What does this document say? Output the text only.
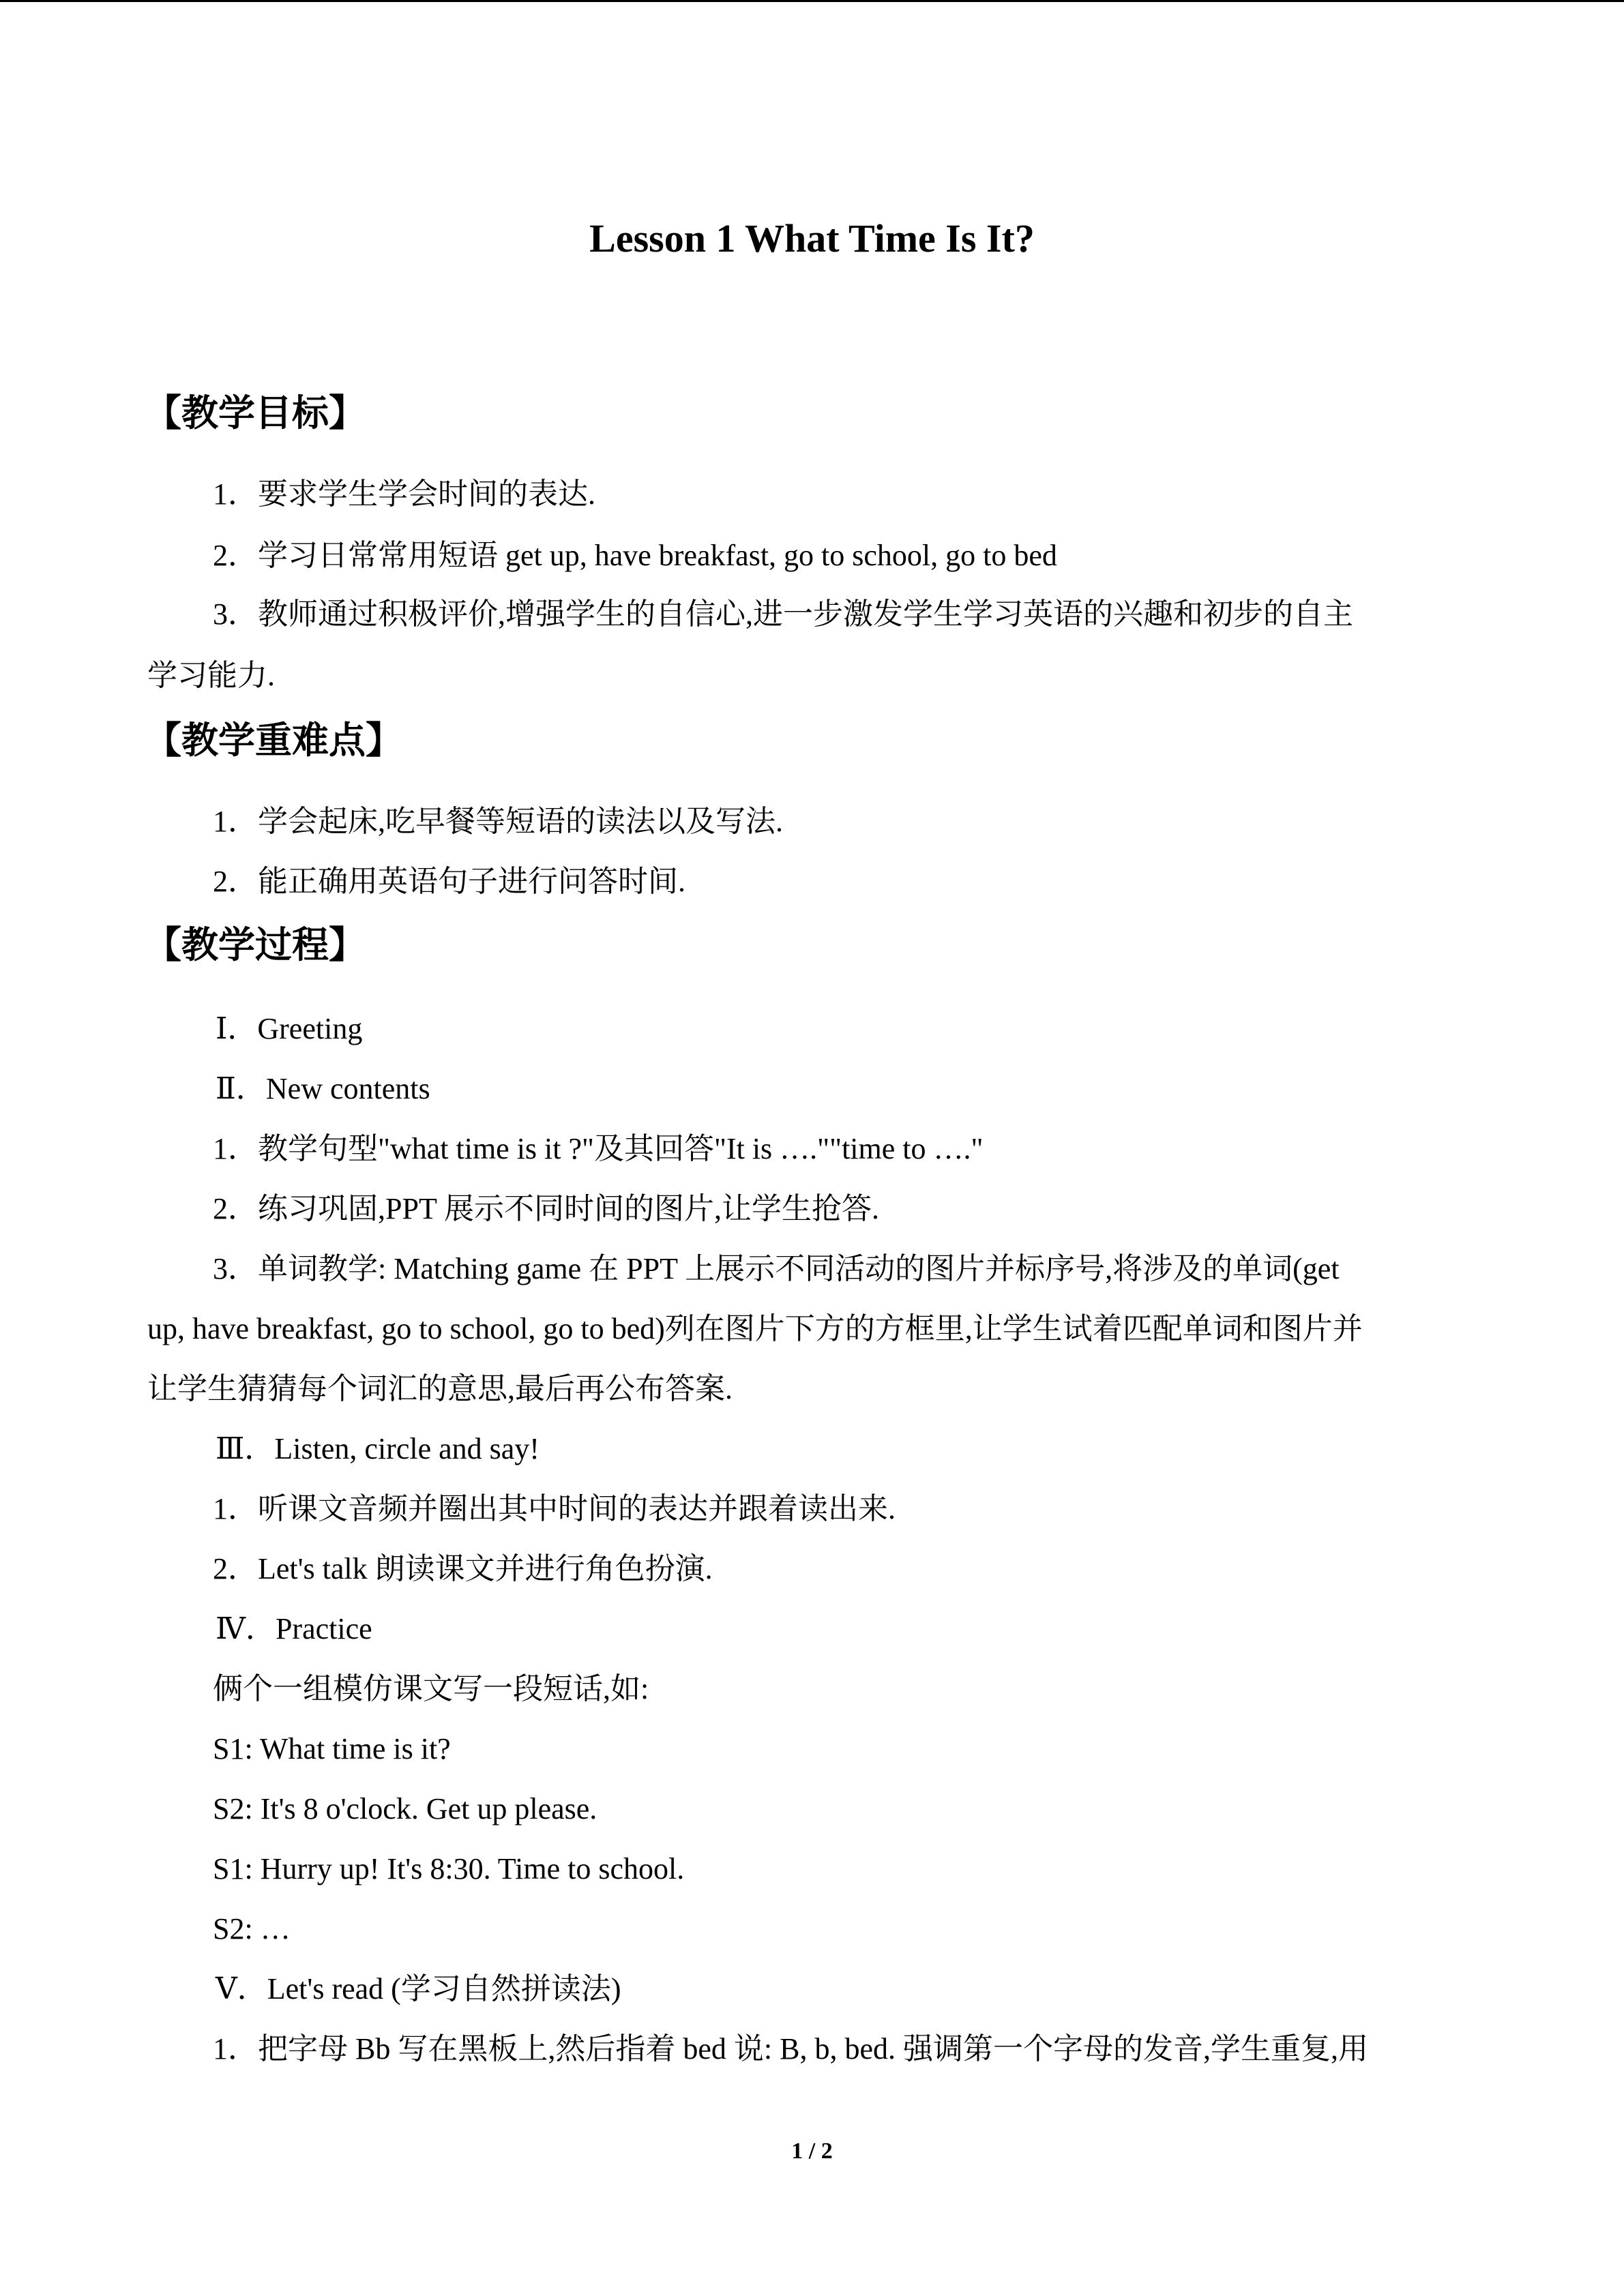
Lesson 1 What Time Is It?
【教学目标】
1．要求学生学会时间的表达.
2．学习日常常用短语 get up, have breakfast, go to school, go to bed
3．教师通过积极评价,增强学生的自信心,进一步激发学生学习英语的兴趣和初步的自主
学习能力.
【教学重难点】
1．学会起床,吃早餐等短语的读法以及写法.
2．能正确用英语句子进行问答时间.
【教学过程】
Ⅰ．Greeting
Ⅱ．New contents
1．教学句型"what time is it ?"及其回答"It is ….""time to …."
2．练习巩固,PPT 展示不同时间的图片,让学生抢答.
3．单词教学: Matching game 在 PPT 上展示不同活动的图片并标序号,将涉及的单词(get
up, have breakfast, go to school, go to bed)列在图片下方的方框里,让学生试着匹配单词和图片并
让学生猜猜每个词汇的意思,最后再公布答案.
Ⅲ．Listen, circle and say!
1．听课文音频并圈出其中时间的表达并跟着读出来.
2．Let's talk 朗读课文并进行角色扮演.
Ⅳ．Practice
俩个一组模仿课文写一段短话,如:
S1: What time is it?
S2: It's 8 o'clock. Get up please.
S1: Hurry up! It's 8:30. Time to school.
S2: …
Ⅴ．Let's read (学习自然拼读法)
1．把字母 Bb 写在黑板上,然后指着 bed 说: B, b, bed. 强调第一个字母的发音,学生重复,用
1 / 2
